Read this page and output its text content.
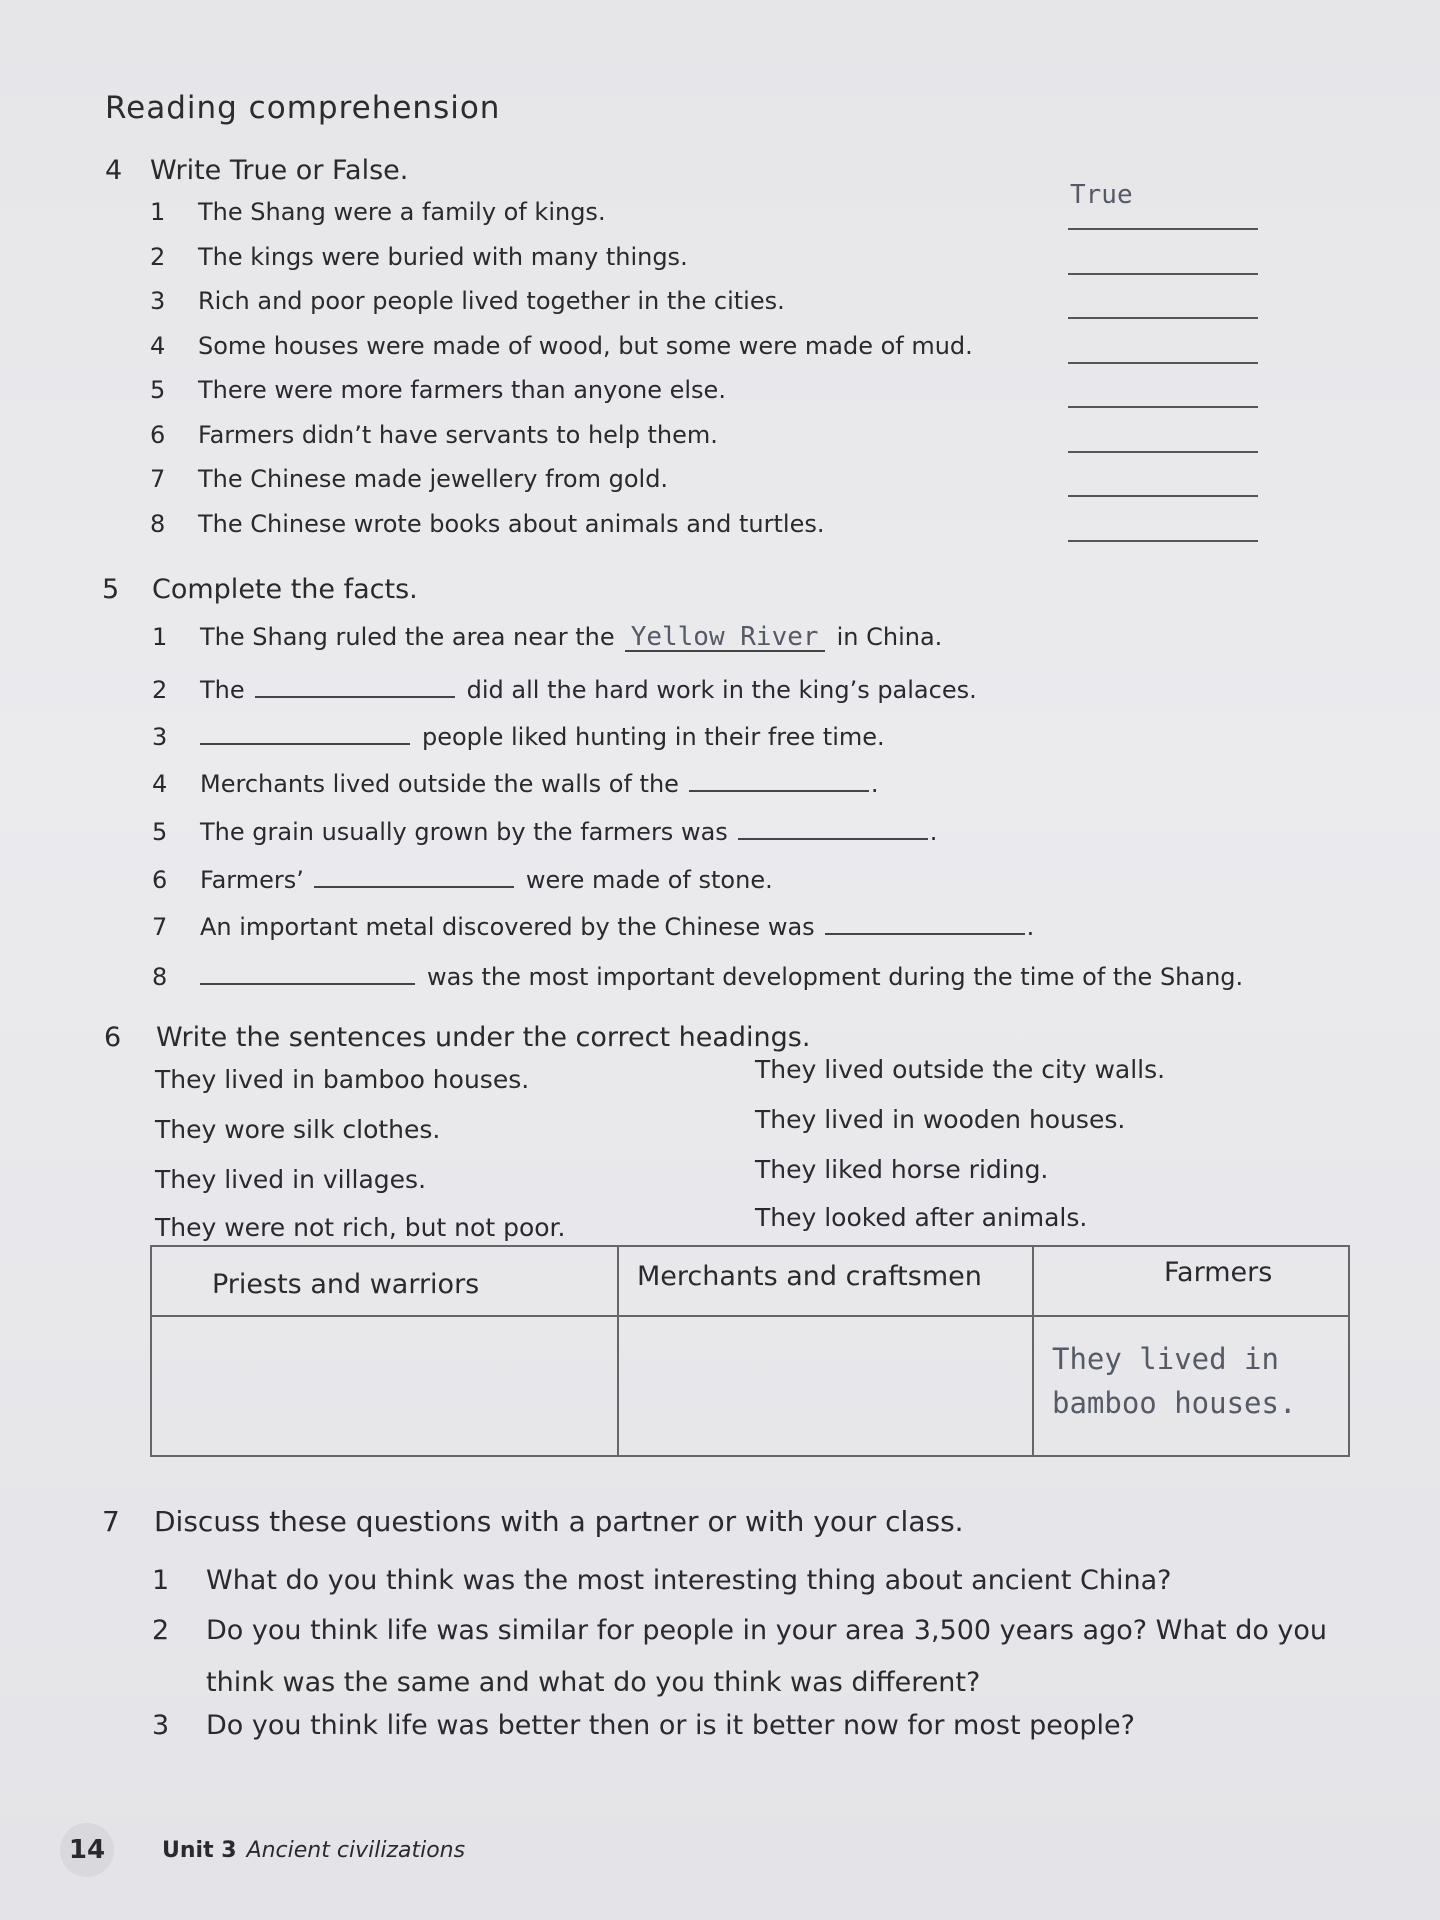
Reading comprehension
4 Write True or False.
1 The Shang were a family of kings.
True
2 The kings were buried with many things.
3 Rich and poor people lived together in the cities.
4 Some houses were made of wood, but some were made of mud.
5 There were more farmers than anyone else.
6 Farmers didn’t have servants to help them.
7 The Chinese made jewellery from gold.
8 The Chinese wrote books about animals and turtles.
5 Complete the facts.
1 The Shang ruled the area near the Yellow River in China.
2 The	did all the hard work in the king’s palaces.
3	people liked hunting in their free time.
4 Merchants lived outside the walls of the	.
5 The grain usually grown by the farmers was	.
6 Farmers’	were made of stone.
7 An important metal discovered by the Chinese was	.
8	was the most important development during the time of the Shang.
6 Write the sentences under the correct headings.
They lived in bamboo houses.
They wore silk clothes.
They lived in villages.
They were not rich, but not poor.
They lived outside the city walls.
They lived in wooden houses.
They liked horse riding.
They looked after animals.
Priests and warriors	Merchants and craftsmen	Farmers

		They lived in bamboo houses.
7 Discuss these questions with a partner or with your class.
1	What do you think was the most interesting thing about ancient China?
2	Do you think life was similar for people in your area 3,500 years ago? What do you think was the same and what do you think was different?
3	Do you think life was better then or is it better now for most people?
14	Unit 3 Ancient civilizations
